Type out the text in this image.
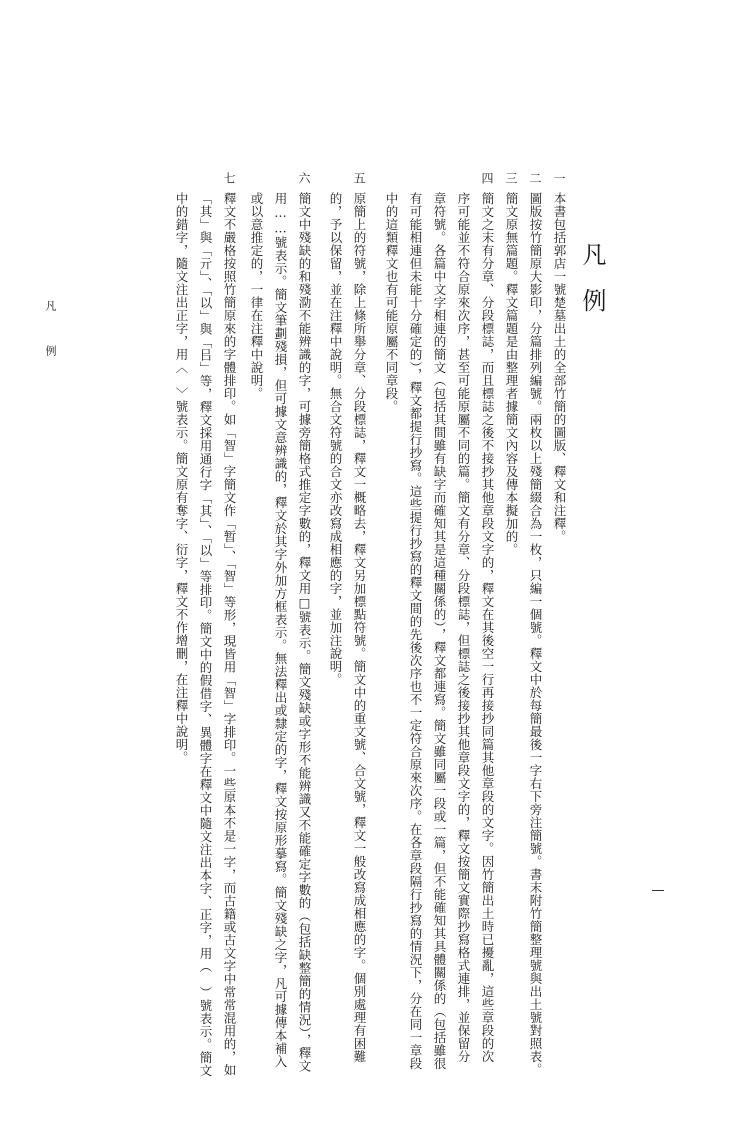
凡例
一
本書包括郭店一號楚墓出土的全部竹簡的圖版、釋文和注釋。
二
圖版按竹簡原大影印，分篇排列編號。兩枚以上殘簡綴合為一枚，只編一個號。釋文中於每簡最後一字右下旁注簡號。書末附竹簡整理號與出土號對照表。
三
簡文原無篇題。釋文篇題是由整理者據簡文內容及傳本擬加的。
四
簡文之末有分章、分段標誌，而且標誌之後不接抄其他章段文字的，釋文在其後空一行再接抄同篇其他章段的文字。因竹簡出土時已擾亂，這些章段的次
序可能並不符合原來次序，甚至可能原屬不同的篇。簡文有分章、分段標誌，但標誌之後接抄其他章段文字的，釋文按簡文實際抄寫格式連排，並保留分
章符號。各篇中文字相連的簡文（包括其間雖有缺字而確知其是這種關係的），釋文都連寫。簡文雖同屬一段或一篇，但不能確知其具體關係的（包括雖很
有可能相連但未能十分確定的），釋文都提行抄寫。這些提行抄寫的釋文間的先後次序也不一定符合原來次序。在各章段隔行抄寫的情況下，分在同一章段
中的這類釋文也有可能原屬不同章段。
五
原簡上的符號，除上條所舉分章、分段標誌，釋文一概略去，釋文另加標點符號。簡文中的重文號、合文號，釋文一般改寫成相應的字。個別處理有困難
的，予以保留，並在注釋中說明。無合文符號的合文亦改寫成相應的字，並加注說明。
六
簡文中殘缺的和殘泐不能辨識的字，可據旁簡格式推定字數的，釋文用□號表示。簡文殘缺或字形不能辨識又不能確定字數的（包括缺整簡的情況），釋文
用……號表示。簡文筆劃殘損，但可據文意辨識的，釋文於其字外加方框表示。無法釋出或隸定的字，釋文按原形摹寫。簡文殘缺之字，凡可據傳本補入
或以意推定的，一律在注釋中說明。
七
釋文不嚴格按照竹簡原來的字體排印。如「智」字簡文作「暂」、「智」等形，現皆用「智」字排印。一些原本不是一字，而古籍或古文字中常常混用的，如
「其」與「亓」、「以」與「㠯」等，釋文採用通行字「其」、「以」等排印。簡文中的假借字、異體字在釋文中隨文注出本字、正字，用（　）號表示。簡文
中的錯字，隨文注出正字，用〈　〉號表示。簡文原有奪字、衍字，釋文不作增刪，在注釋中說明。
凡例
